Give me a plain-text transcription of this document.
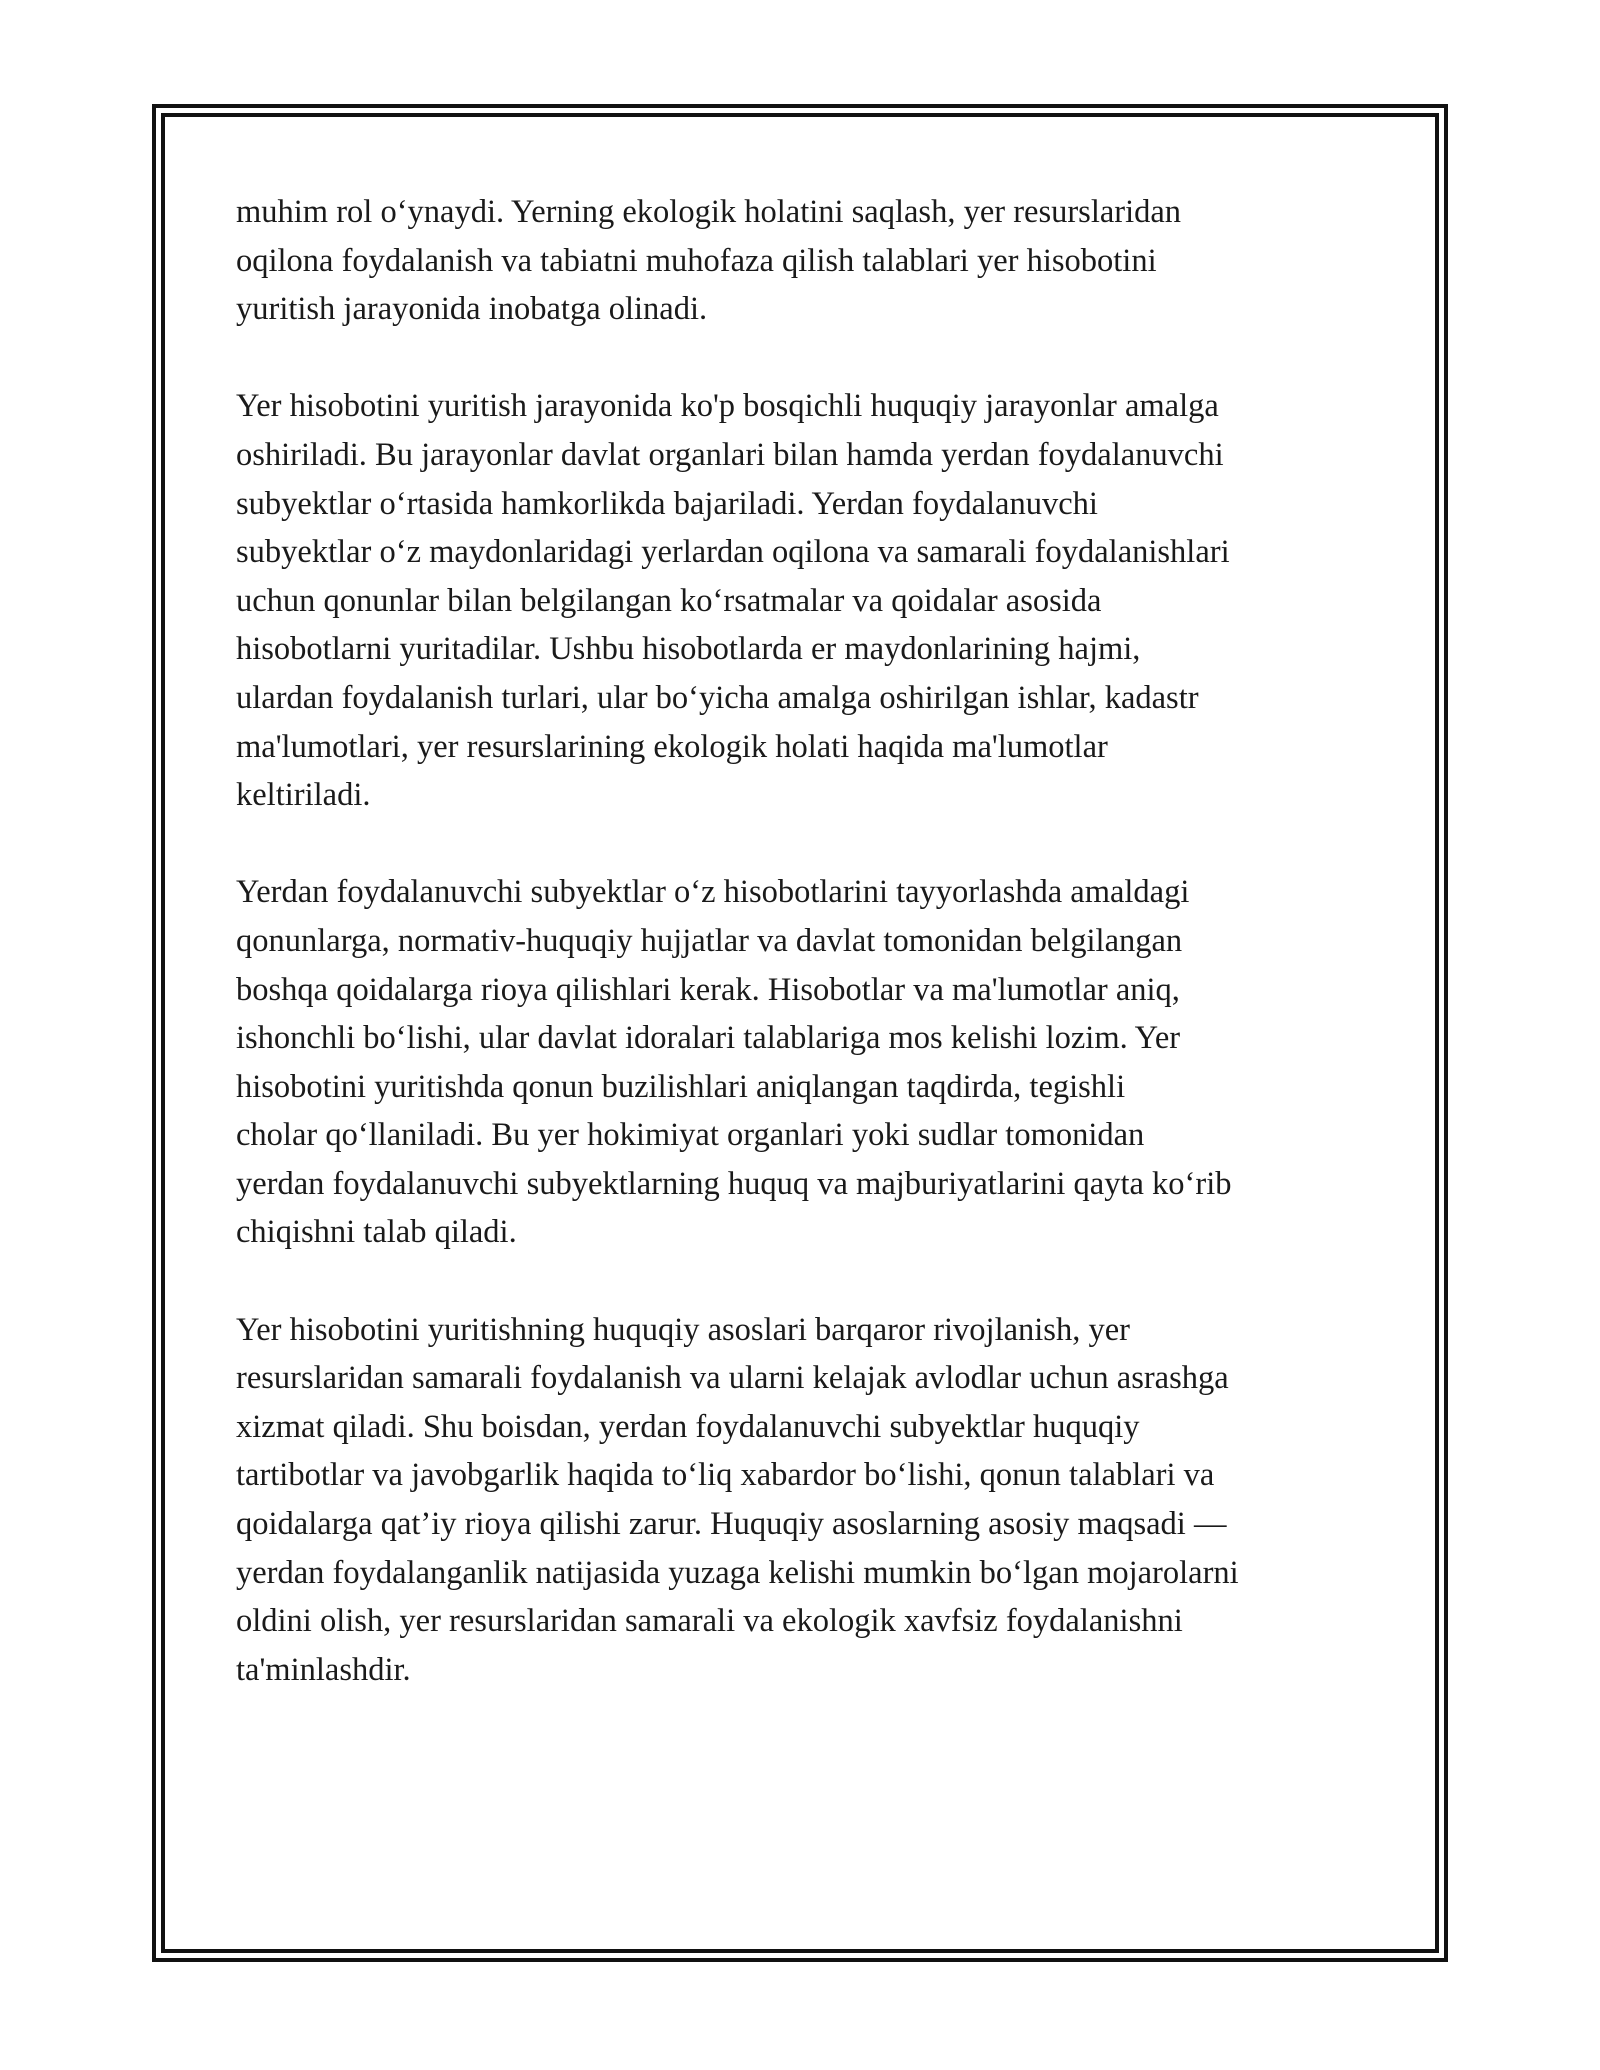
muhim rol o‘ynaydi. Yerning ekologik holatini saqlash, yer resurslaridan
oqilona foydalanish va tabiatni muhofaza qilish talablari yer hisobotini
yuritish jarayonida inobatga olinadi.

Yer hisobotini yuritish jarayonida ko'p bosqichli huquqiy jarayonlar amalga
oshiriladi. Bu jarayonlar davlat organlari bilan hamda yerdan foydalanuvchi
subyektlar o‘rtasida hamkorlikda bajariladi. Yerdan foydalanuvchi
subyektlar o‘z maydonlaridagi yerlardan oqilona va samarali foydalanishlari
uchun qonunlar bilan belgilangan ko‘rsatmalar va qoidalar asosida
hisobotlarni yuritadilar. Ushbu hisobotlarda er maydonlarining hajmi,
ulardan foydalanish turlari, ular bo‘yicha amalga oshirilgan ishlar, kadastr
ma'lumotlari, yer resurslarining ekologik holati haqida ma'lumotlar
keltiriladi.

Yerdan foydalanuvchi subyektlar o‘z hisobotlarini tayyorlashda amaldagi
qonunlarga, normativ-huquqiy hujjatlar va davlat tomonidan belgilangan
boshqa qoidalarga rioya qilishlari kerak. Hisobotlar va ma'lumotlar aniq,
ishonchli bo‘lishi, ular davlat idoralari talablariga mos kelishi lozim. Yer
hisobotini yuritishda qonun buzilishlari aniqlangan taqdirda, tegishli
cholar qo‘llaniladi. Bu yer hokimiyat organlari yoki sudlar tomonidan
yerdan foydalanuvchi subyektlarning huquq va majburiyatlarini qayta ko‘rib
chiqishni talab qiladi.

Yer hisobotini yuritishning huquqiy asoslari barqaror rivojlanish, yer
resurslaridan samarali foydalanish va ularni kelajak avlodlar uchun asrashga
xizmat qiladi. Shu boisdan, yerdan foydalanuvchi subyektlar huquqiy
tartibotlar va javobgarlik haqida to‘liq xabardor bo‘lishi, qonun talablari va
qoidalarga qat’iy rioya qilishi zarur. Huquqiy asoslarning asosiy maqsadi —
yerdan foydalanganlik natijasida yuzaga kelishi mumkin bo‘lgan mojarolarni
oldini olish, yer resurslaridan samarali va ekologik xavfsiz foydalanishni
ta'minlashdir.
